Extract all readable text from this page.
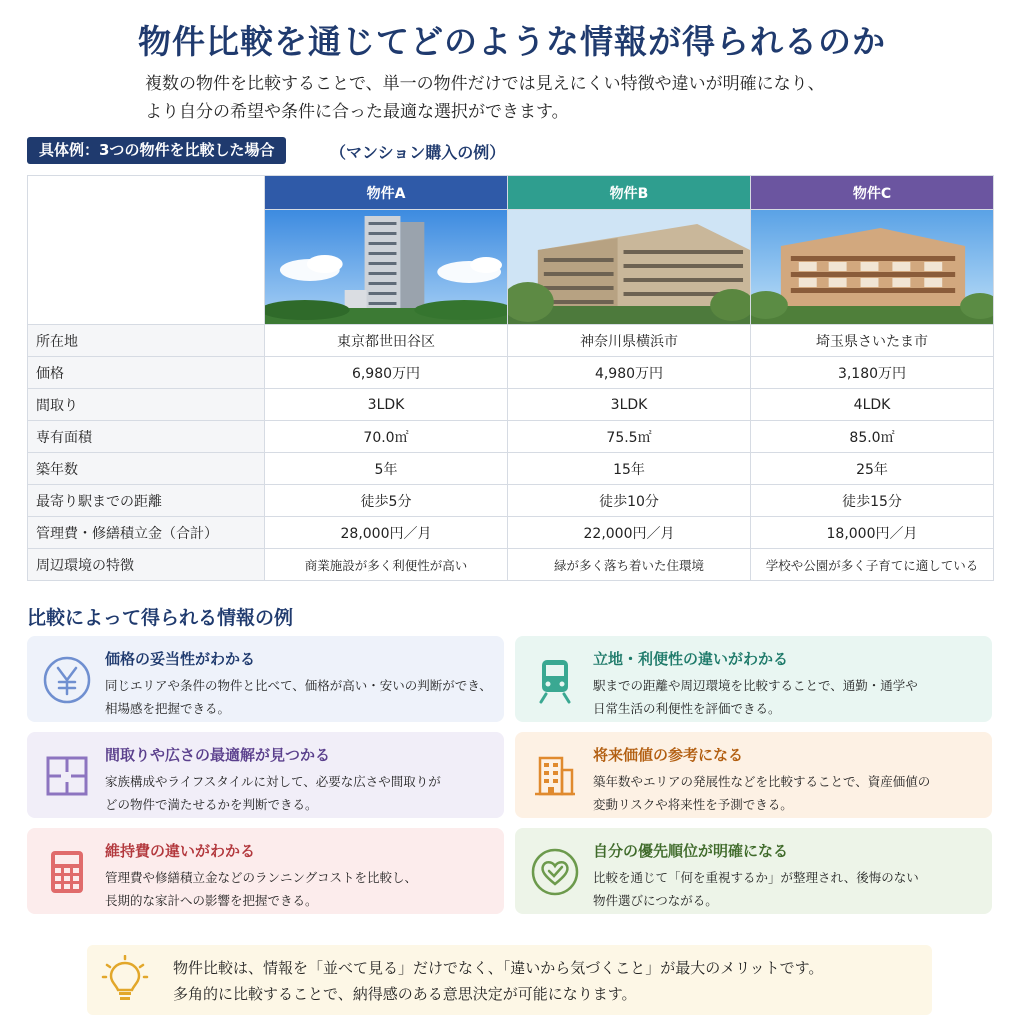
物件比較を通じてどのような情報が得られるのか
複数の物件を比較することで、単一の物件だけでは見えにくい特徴や違いが明確になり、
より自分の希望や条件に合った最適な選択ができます。
具体例：3つの物件を比較した場合	（マンション購入の例）
	物件A	物件B	物件C

所在地	東京都世田谷区	神奈川県横浜市	埼玉県さいたま市
価格	6,980万円	4,980万円	3,180万円
間取り	3LDK	3LDK	4LDK
専有面積	70.0㎡	75.5㎡	85.0㎡
築年数	5年	15年	25年
最寄り駅までの距離	徒歩5分	徒歩10分	徒歩15分
管理費・修繕積立金（合計）	28,000円／月	22,000円／月	18,000円／月
周辺環境の特徴	商業施設が多く利便性が高い	緑が多く落ち着いた住環境	学校や公園が多く子育てに適している
比較によって得られる情報の例
価格の妥当性がわかる
同じエリアや条件の物件と比べて、価格が高い・安いの判断ができ、
相場感を把握できる。
立地・利便性の違いがわかる
駅までの距離や周辺環境を比較することで、通勤・通学や
日常生活の利便性を評価できる。
間取りや広さの最適解が見つかる
家族構成やライフスタイルに対して、必要な広さや間取りが
どの物件で満たせるかを判断できる。
将来価値の参考になる
築年数やエリアの発展性などを比較することで、資産価値の
変動リスクや将来性を予測できる。
維持費の違いがわかる
管理費や修繕積立金などのランニングコストを比較し、
長期的な家計への影響を把握できる。
自分の優先順位が明確になる
比較を通じて「何を重視するか」が整理され、後悔のない
物件選びにつながる。
物件比較は、情報を「並べて見る」だけでなく、「違いから気づくこと」が最大のメリットです。
多角的に比較することで、納得感のある意思決定が可能になります。
